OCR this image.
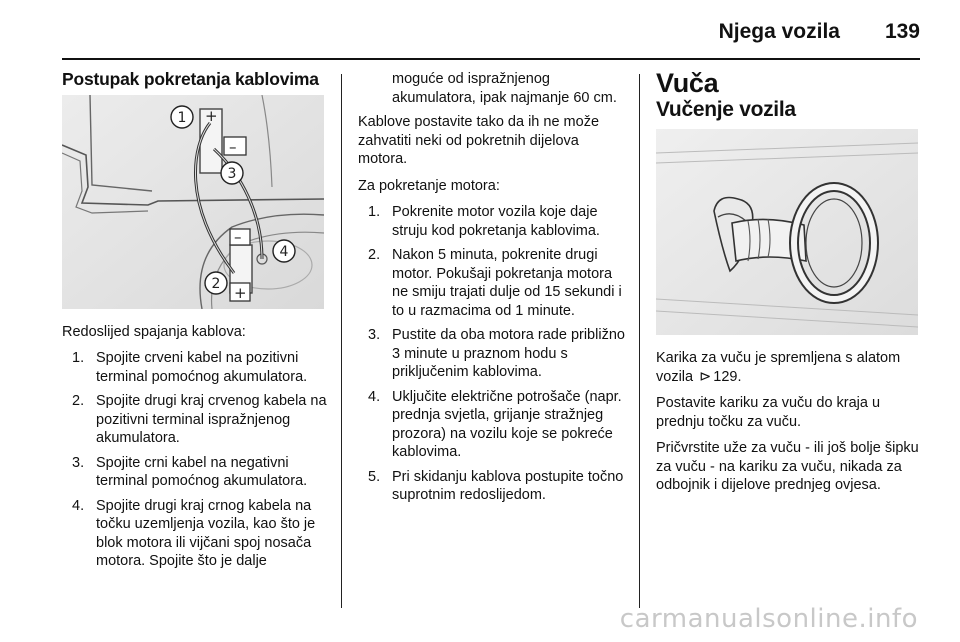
Njega vozila 139
Postupak pokretanja kablovima
+
–
–
+
1
3
4
2

Redoslijed spajanja kablova:

1. Spojite crveni kabel na pozitivni terminal pomoćnog akumulatora.
2. Spojite drugi kraj crvenog kabela na pozitivni terminal ispražnjenog akumulatora.
3. Spojite crni kabel na negativni terminal pomoćnog akumulatora.
4. Spojite drugi kraj crnog kabela na točku uzemljenja vozila, kao što je blok motora ili vijčani spoj nosača motora. Spojite što je dalje

moguće od ispražnjenog akumulatora, ipak najmanje 60 cm.

Kablove postavite tako da ih ne može zahvatiti neki od pokretnih dijelova motora.

Za pokretanje motora:

1. Pokrenite motor vozila koje daje struju kod pokretanja kablovima.
2. Nakon 5 minuta, pokrenite drugi motor. Pokušaji pokretanja motora ne smiju trajati dulje od 15 sekundi i to u razmacima od 1 minute.
3. Pustite da oba motora rade približno 3 minute u praznom hodu s priključenim kablovima.
4. Uključite električne potrošače (napr. prednja svjetla, grijanje stražnjeg prozora) na vozilu koje se pokreće kablovima.
5. Pri skidanju kablova postupite točno suprotnim redoslijedom.
Vuča
Vučenje vozila

Karika za vuču je spremljena s alatom vozila ⊳ 129.

Postavite kariku za vuču do kraja u prednju točku za vuču.

Pričvrstite uže za vuču - ili još bolje šipku za vuču - na kariku za vuču, nikada za odbojnik i dijelove prednjeg ovjesa.

carmanualsonline.info
